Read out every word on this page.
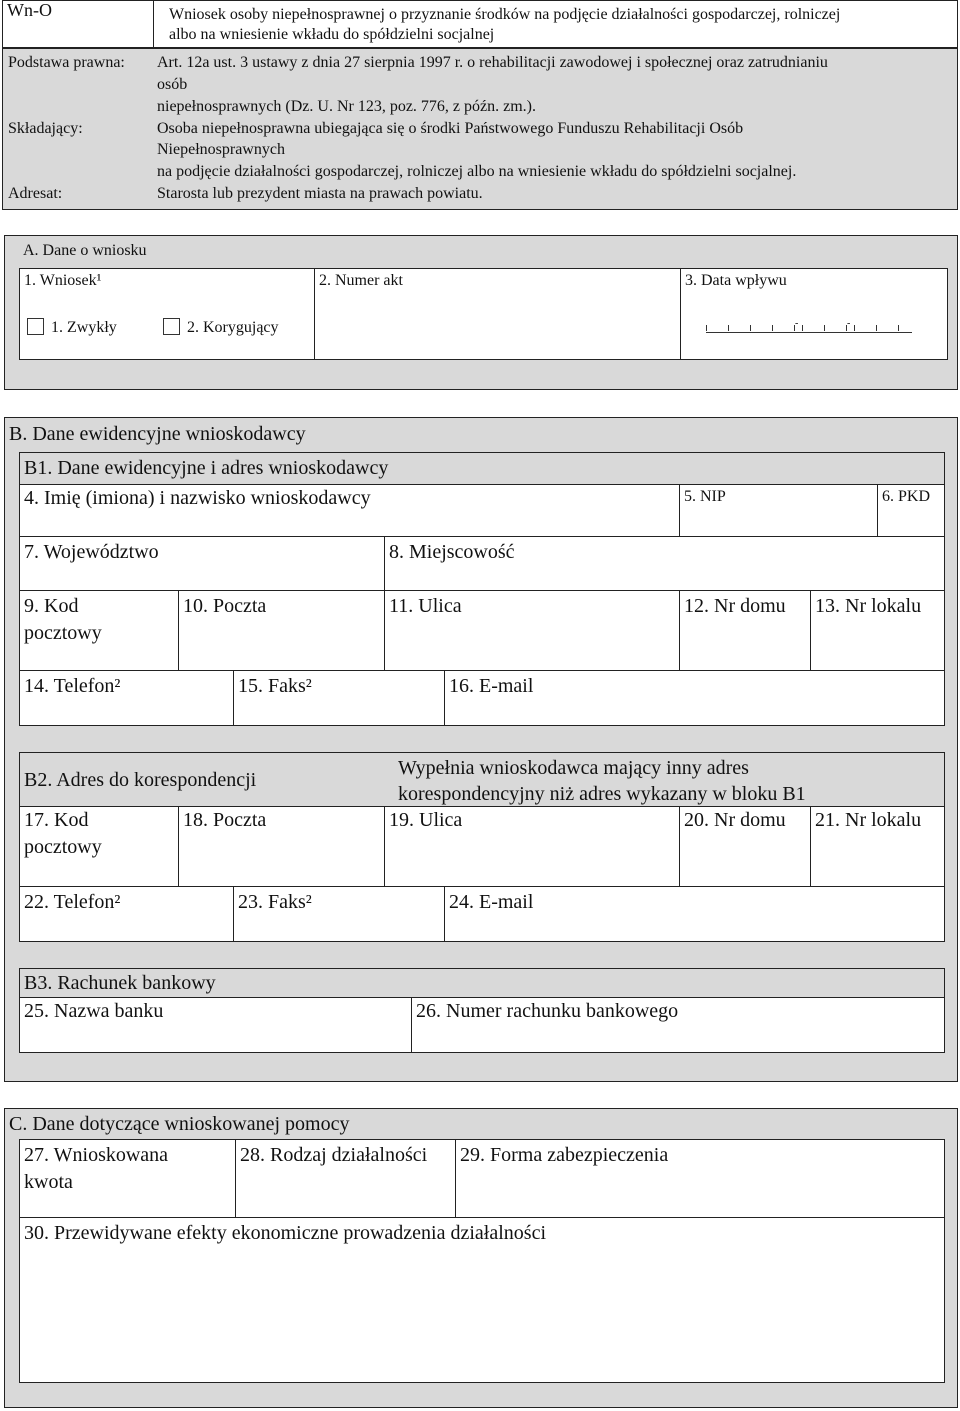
Wn-O	Wniosek osoby niepełnosprawnej o przyznanie środków na podjęcie działalności gospodarczej, rolniczej
albo na wniesienie wkładu do spółdzielni socjalnej
Podstawa prawna: Art. 12a ust. 3 ustawy z dnia 27 sierpnia 1997 r. o rehabilitacji zawodowej i społecznej oraz zatrudnianiu
osób
niepełnosprawnych (Dz. U. Nr 123, poz. 776, z późn. zm.).
Składający:	Osoba niepełnosprawna ubiegająca się o środki Państwowego Funduszu Rehabilitacji Osób
Niepełnosprawnych
na podjęcie działalności gospodarczej, rolniczej albo na wniesienie wkładu do spółdzielni socjalnej.
Adresat:	Starosta lub prezydent miasta na prawach powiatu.
A. Dane o wniosku
1. Wniosek¹
1. Zwykły	2. Korygujący
2. Numer akt	3. Data wpływu
-	-
B. Dane ewidencyjne wnioskodawcy
B1. Dane ewidencyjne i adres wnioskodawcy
4. Imię (imiona) i nazwisko wnioskodawcy	5. NIP	6. PKD
7. Województwo	8. Miejscowość
9. Kod
pocztowy
10. Poczta	11. Ulica	12. Nr domu 13. Nr lokalu
14. Telefon²	15. Faks²	16. E-mail
B2. Adres do korespondencji
Wypełnia wnioskodawca mający inny adres
korespondencyjny niż adres wykazany w bloku B1
17. Kod
pocztowy
18. Poczta	19. Ulica	20. Nr domu 21. Nr lokalu
22. Telefon²	23. Faks²	24. E-mail
B3. Rachunek bankowy
25. Nazwa banku	26. Numer rachunku bankowego
C. Dane dotyczące wnioskowanej pomocy
27. Wnioskowana
kwota
28. Rodzaj działalności 29. Forma zabezpieczenia
30. Przewidywane efekty ekonomiczne prowadzenia działalności
